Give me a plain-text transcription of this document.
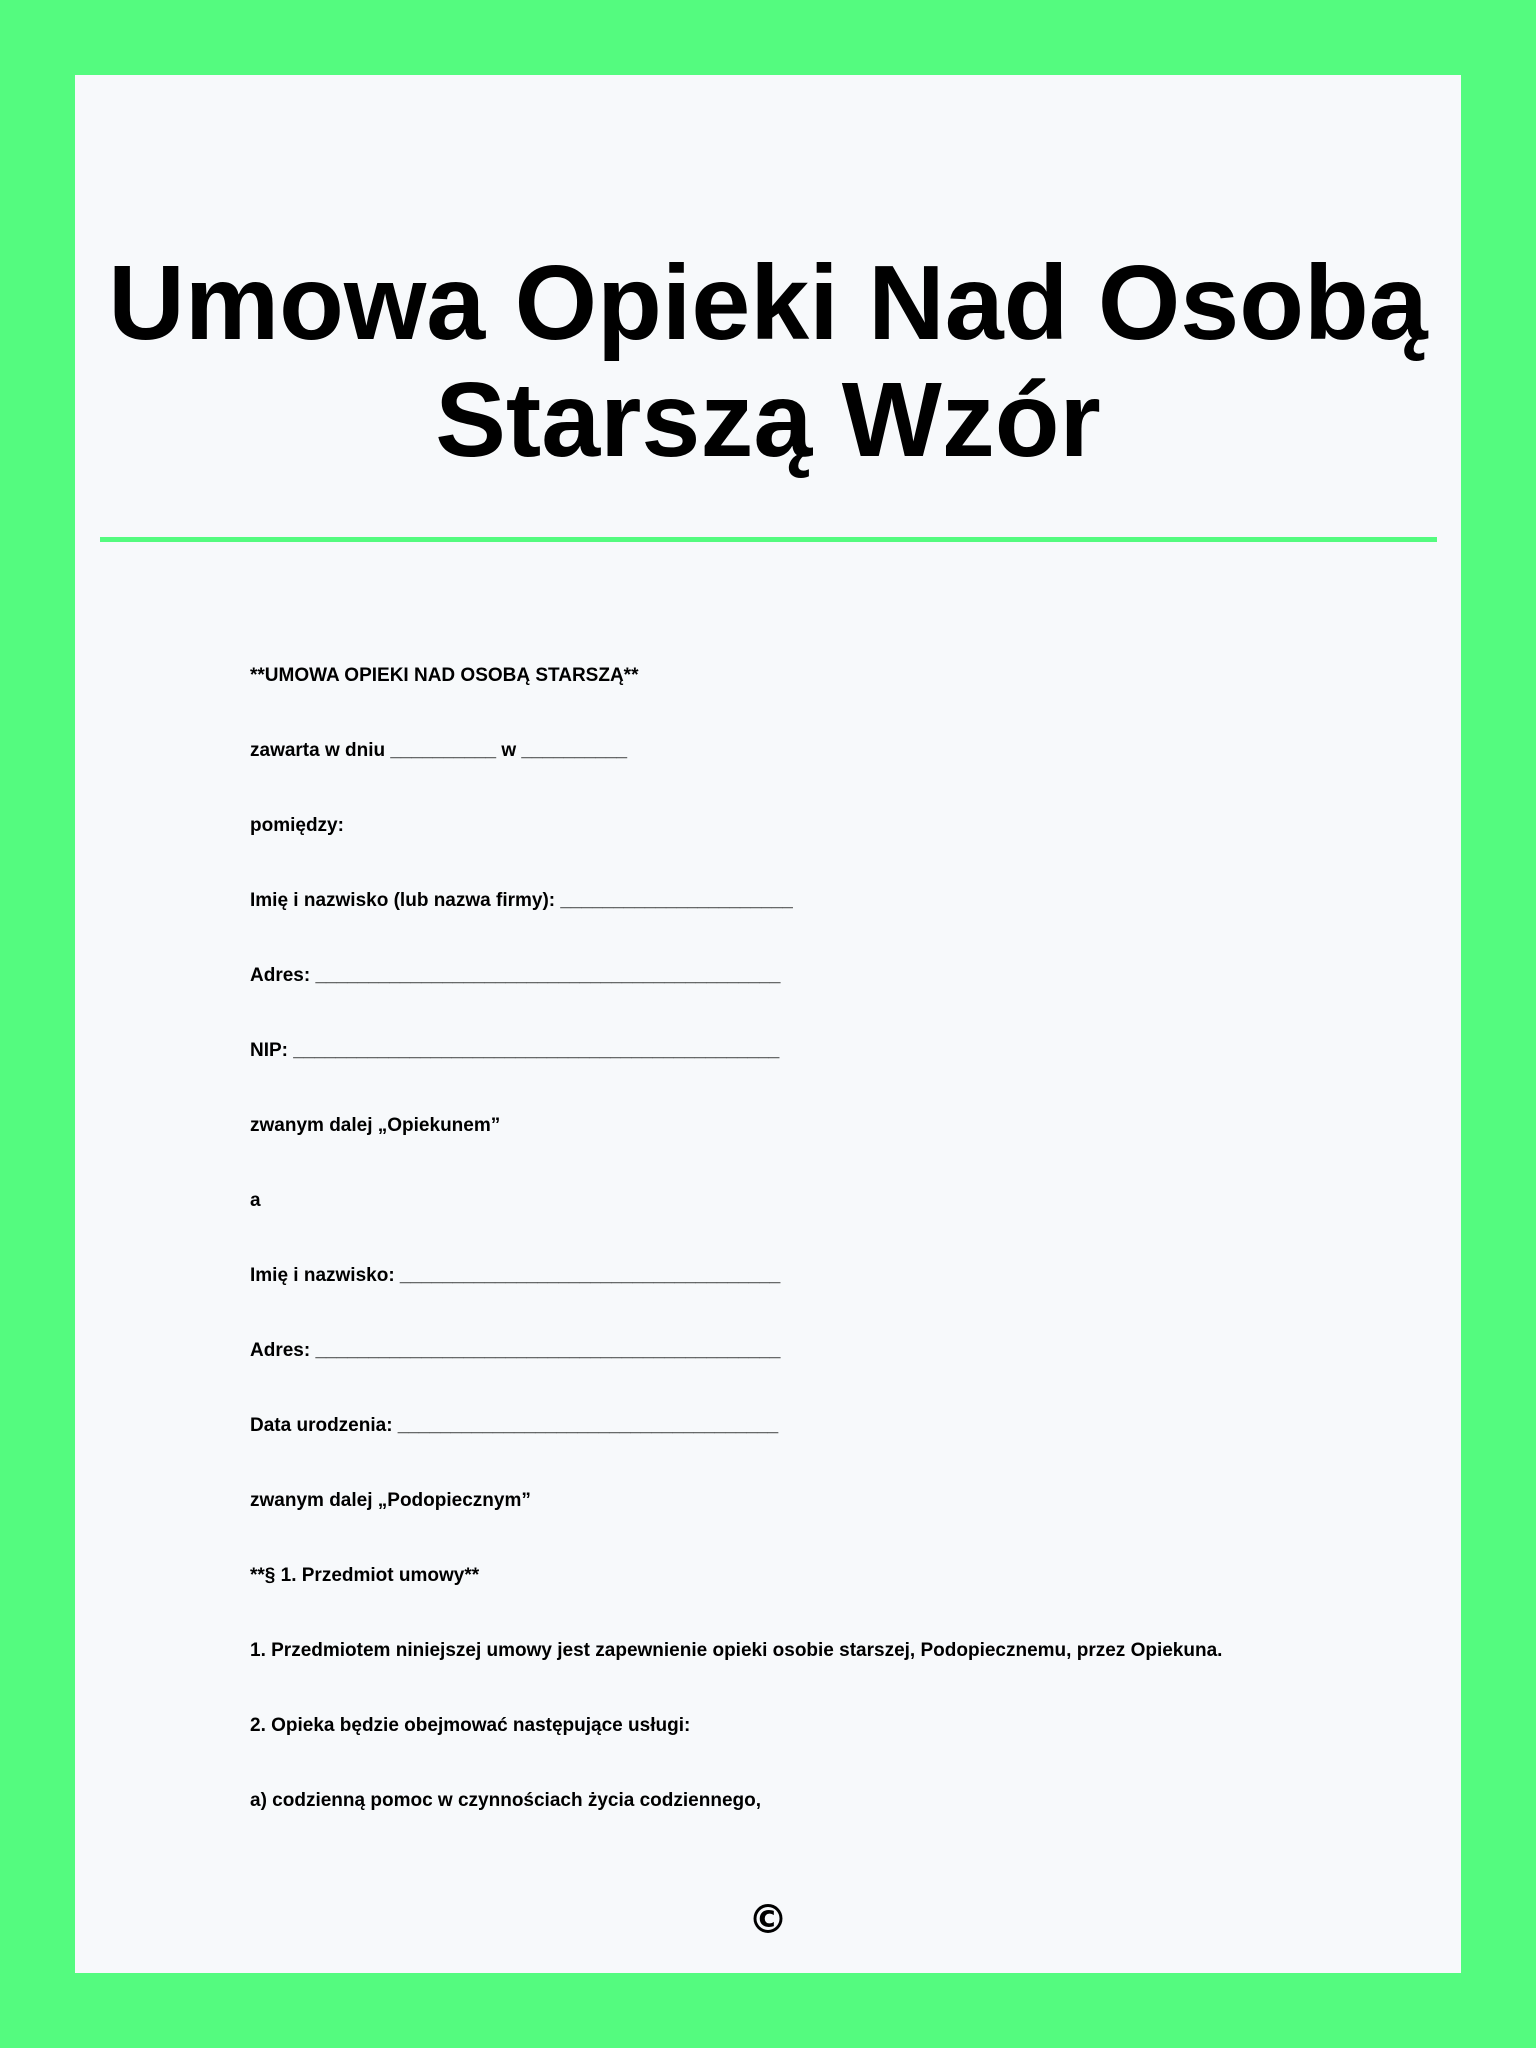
Umowa Opieki Nad Osobą Starszą Wzór

**UMOWA OPIEKI NAD OSOBĄ STARSZĄ**

zawarta w dniu __________ w __________

pomiędzy:

Imię i nazwisko (lub nazwa firmy): ______________________

Adres: ____________________________________________

NIP: ______________________________________________

zwanym dalej „Opiekunem”

a

Imię i nazwisko: ____________________________________

Adres: ____________________________________________

Data urodzenia: ____________________________________

zwanym dalej „Podopiecznym”

**§ 1. Przedmiot umowy**

1. Przedmiotem niniejszej umowy jest zapewnienie opieki osobie starszej, Podopiecznemu, przez Opiekuna.

2. Opieka będzie obejmować następujące usługi:

a) codzienną pomoc w czynnościach życia codziennego,

©
